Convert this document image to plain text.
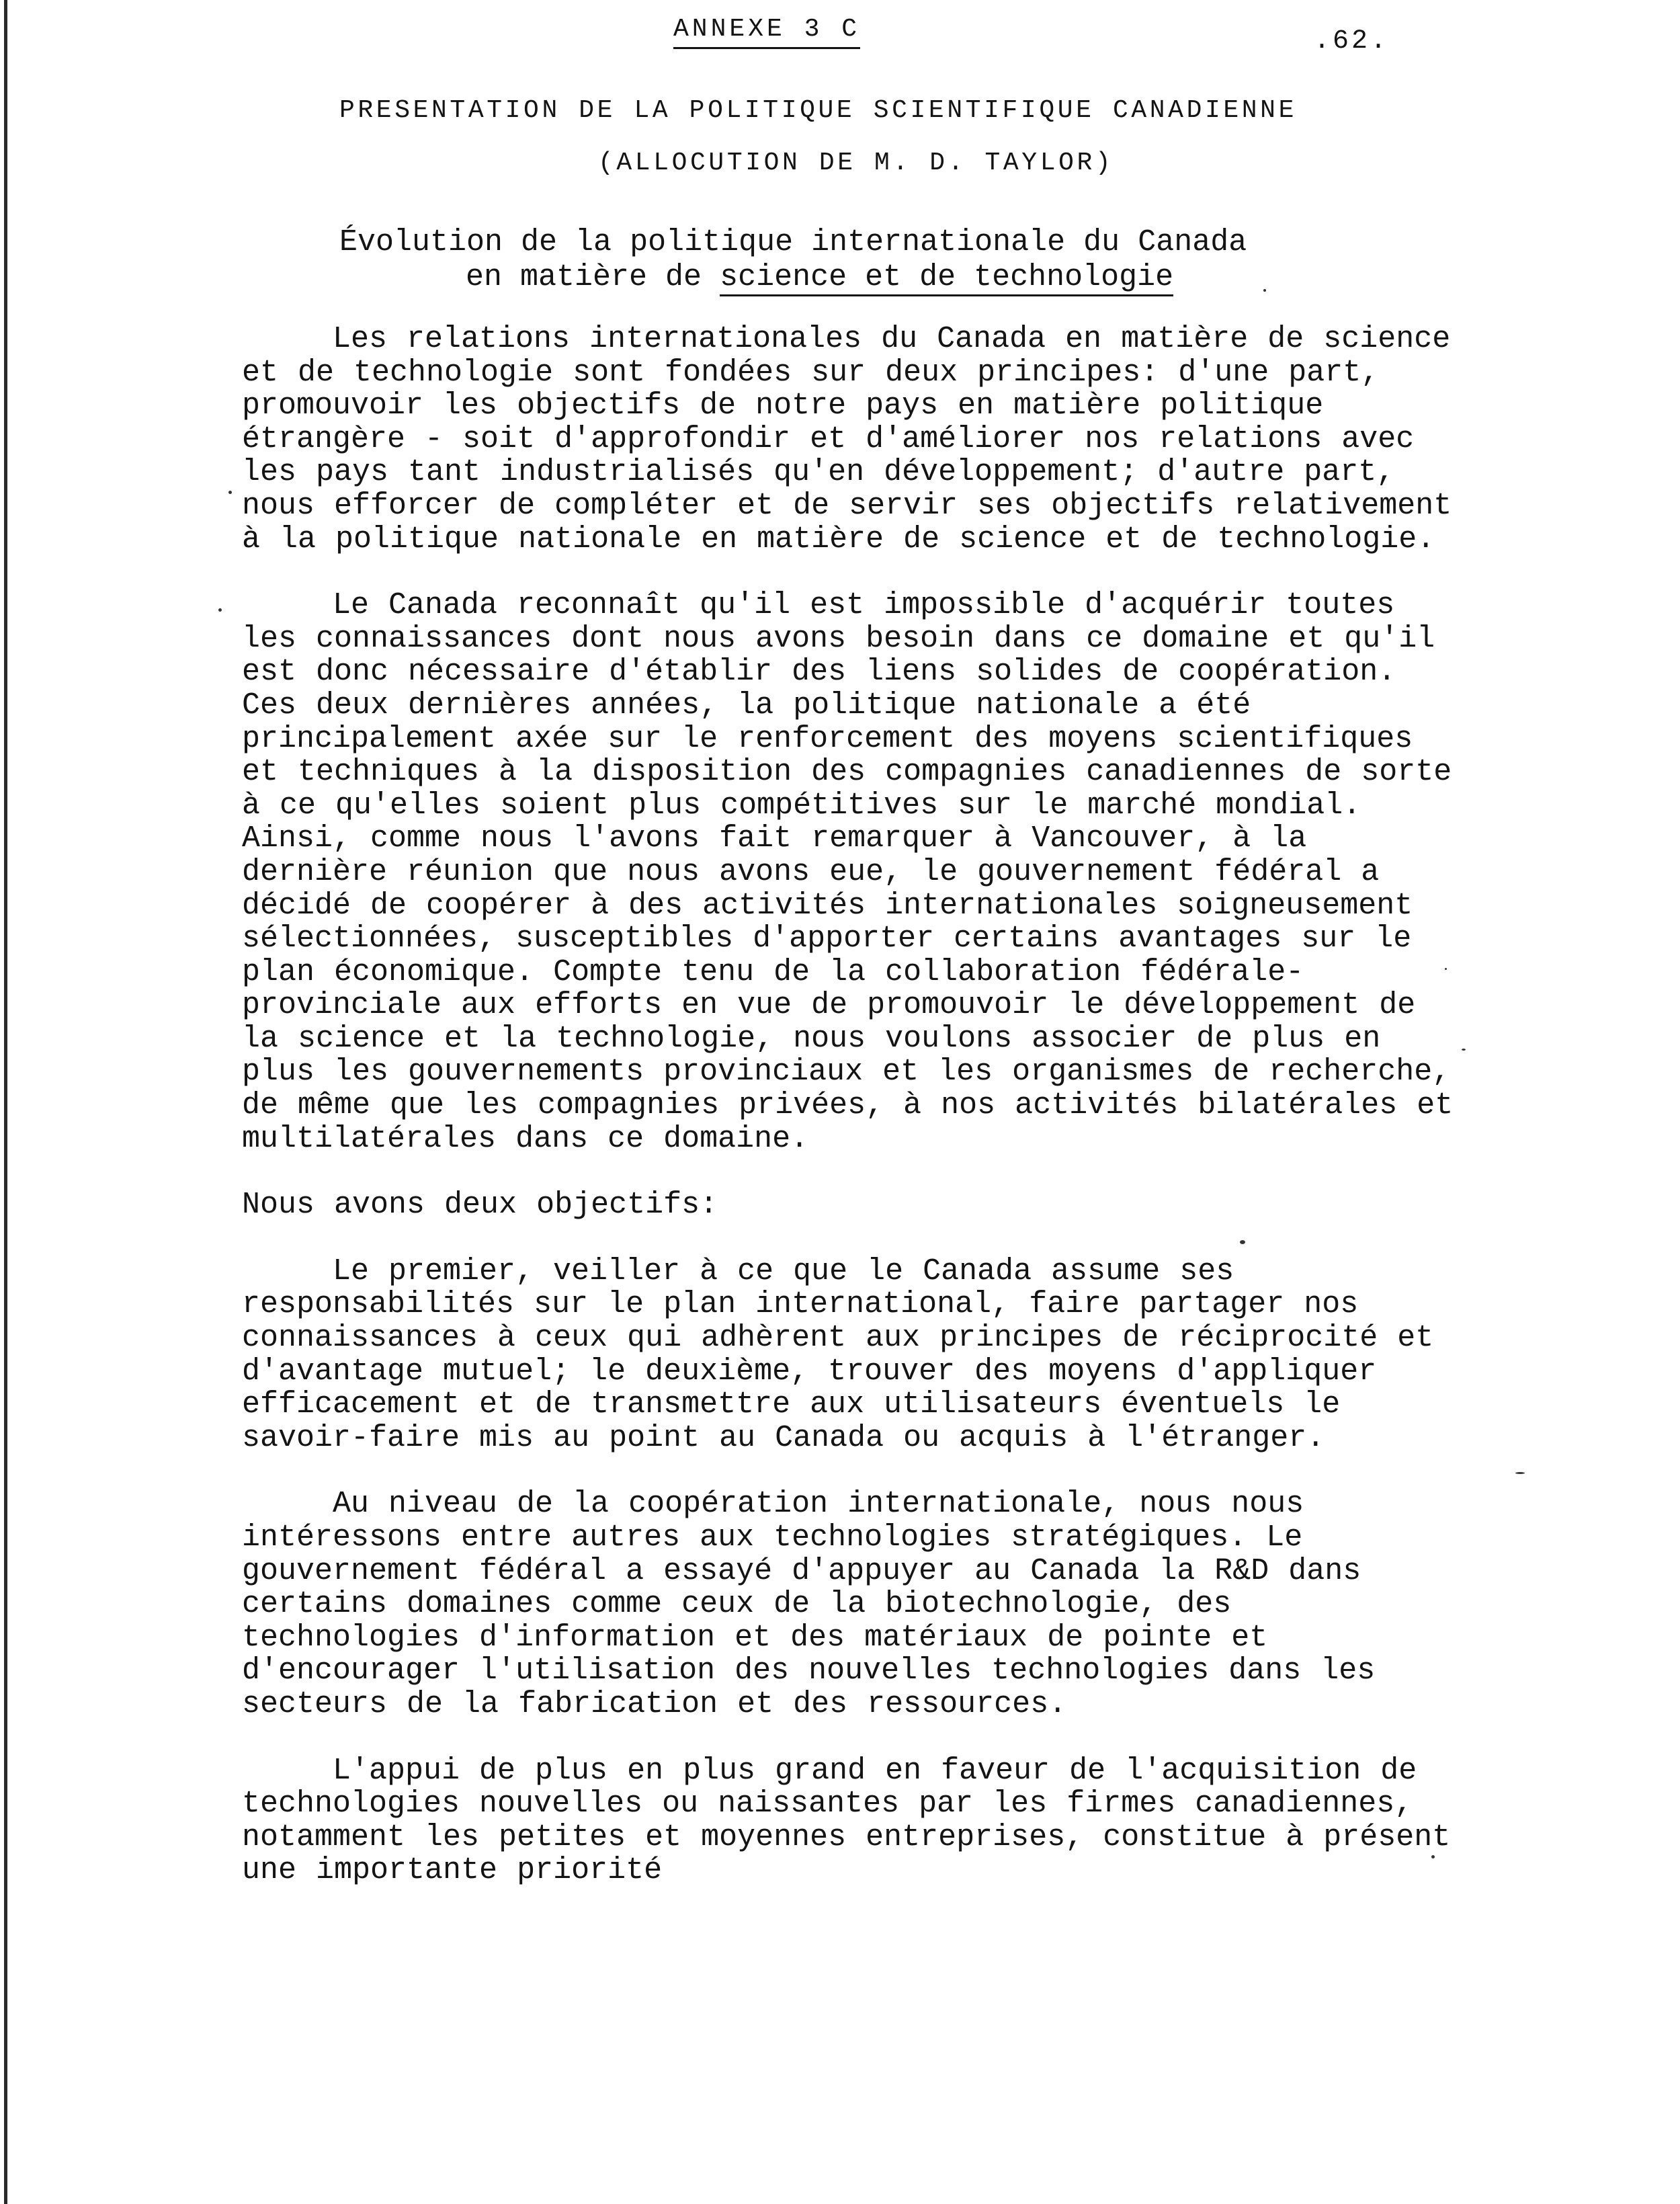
ANNEXE 3 C	.62.
PRESENTATION DE LA POLITIQUE SCIENTIFIQUE CANADIENNE
(ALLOCUTION DE M. D. TAYLOR)
Évolution de la politique internationale du Canada
en matière de science et de technologie

Les relations internationales du Canada en matière de science et de technologie sont fondées sur deux principes: d'une part, promouvoir les objectifs de notre pays en matière politique étrangère - soit d'approfondir et d'améliorer nos relations avec les pays tant industrialisés qu'en développement; d'autre part, nous efforcer de compléter et de servir ses objectifs relativement à la politique nationale en matière de science et de technologie.

Le Canada reconnaît qu'il est impossible d'acquérir toutes les connaissances dont nous avons besoin dans ce domaine et qu'il est donc nécessaire d'établir des liens solides de coopération. Ces deux dernières années, la politique nationale a été principalement axée sur le renforcement des moyens scientifiques et techniques à la disposition des compagnies canadiennes de sorte à ce qu'elles soient plus compétitives sur le marché mondial. Ainsi, comme nous l'avons fait remarquer à Vancouver, à la dernière réunion que nous avons eue, le gouvernement fédéral a décidé de coopérer à des activités internationales soigneusement sélectionnées, susceptibles d'apporter certains avantages sur le plan économique. Compte tenu de la collaboration fédérale-provinciale aux efforts en vue de promouvoir le développement de la science et la technologie, nous voulons associer de plus en plus les gouvernements provinciaux et les organismes de recherche, de même que les compagnies privées, à nos activités bilatérales et multilatérales dans ce domaine.

Nous avons deux objectifs:

Le premier, veiller à ce que le Canada assume ses responsabilités sur le plan international, faire partager nos connaissances à ceux qui adhèrent aux principes de réciprocité et d'avantage mutuel; le deuxième, trouver des moyens d'appliquer efficacement et de transmettre aux utilisateurs éventuels le savoir-faire mis au point au Canada ou acquis à l'étranger.

Au niveau de la coopération internationale, nous nous intéressons entre autres aux technologies stratégiques. Le gouvernement fédéral a essayé d'appuyer au Canada la R&D dans certains domaines comme ceux de la biotechnologie, des technologies d'information et des matériaux de pointe et d'encourager l'utilisation des nouvelles technologies dans les secteurs de la fabrication et des ressources.

L'appui de plus en plus grand en faveur de l'acquisition de technologies nouvelles ou naissantes par les firmes canadiennes, notamment les petites et moyennes entreprises, constitue à présent une importante priorité
